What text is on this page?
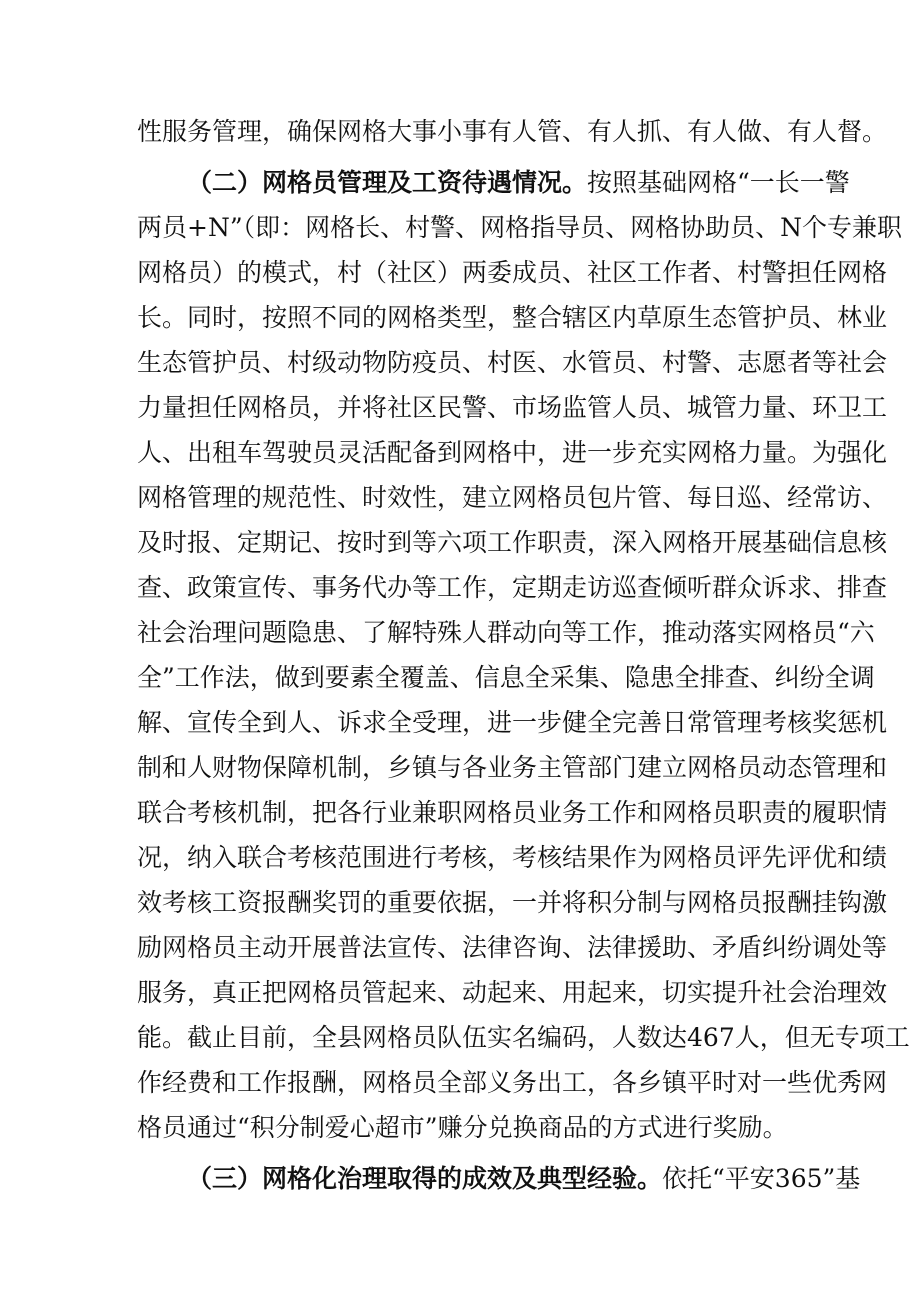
性服务管理，确保网格大事小事有人管、有人抓、有人做、有人督。
（二）网格员管理及工资待遇情况。按照基础网格“一长一警
两员+N”（即：网格长、村警、网格指导员、网格协助员、N个专兼职
网格员）的模式，村（社区）两委成员、社区工作者、村警担任网格
长。同时，按照不同的网格类型，整合辖区内草原生态管护员、林业
生态管护员、村级动物防疫员、村医、水管员、村警、志愿者等社会
力量担任网格员，并将社区民警、市场监管人员、城管力量、环卫工
人、出租车驾驶员灵活配备到网格中，进一步充实网格力量。为强化
网格管理的规范性、时效性，建立网格员包片管、每日巡、经常访、
及时报、定期记、按时到等六项工作职责，深入网格开展基础信息核
查、政策宣传、事务代办等工作，定期走访巡查倾听群众诉求、排查
社会治理问题隐患、了解特殊人群动向等工作，推动落实网格员“六
全”工作法，做到要素全覆盖、信息全采集、隐患全排查、纠纷全调
解、宣传全到人、诉求全受理，进一步健全完善日常管理考核奖惩机
制和人财物保障机制，乡镇与各业务主管部门建立网格员动态管理和
联合考核机制，把各行业兼职网格员业务工作和网格员职责的履职情
况，纳入联合考核范围进行考核，考核结果作为网格员评先评优和绩
效考核工资报酬奖罚的重要依据，一并将积分制与网格员报酬挂钩激
励网格员主动开展普法宣传、法律咨询、法律援助、矛盾纠纷调处等
服务，真正把网格员管起来、动起来、用起来，切实提升社会治理效
能。截止目前，全县网格员队伍实名编码，人数达467人，但无专项工
作经费和工作报酬，网格员全部义务出工，各乡镇平时对一些优秀网
格员通过“积分制爱心超市”赚分兑换商品的方式进行奖励。
（三）网格化治理取得的成效及典型经验。依托“平安365”基
